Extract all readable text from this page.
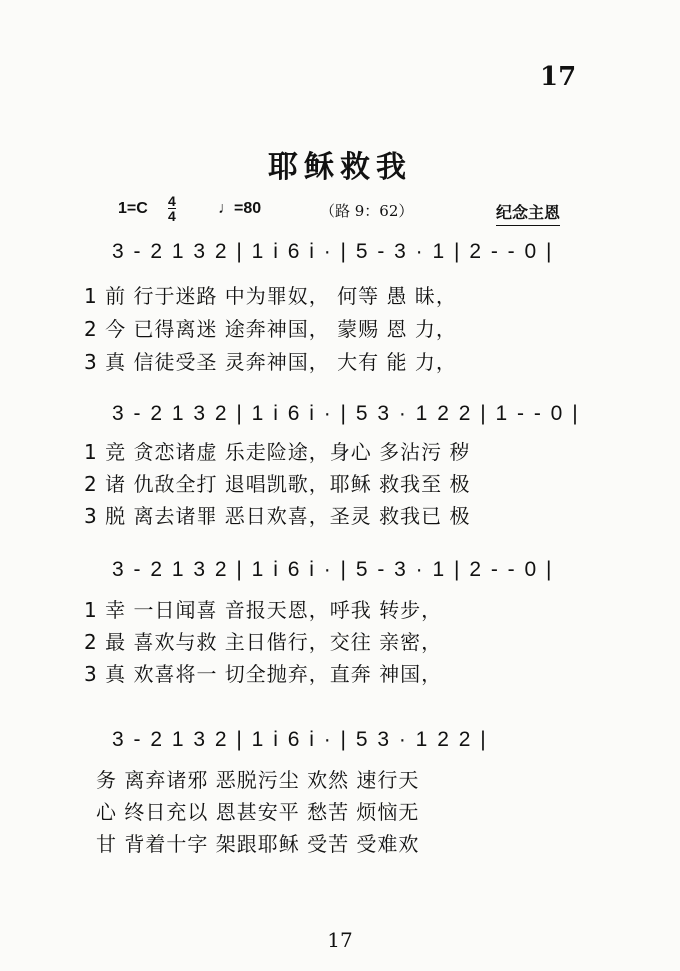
17
耶稣救我
1=C 4
4	♩=80	（路 9：62）	纪念主恩
3 - 2 1 3 2 | 1 i 6 i · | 5 - 3 · 1 | 2 - - 0 |
1 前 行于迷路 中为罪奴， 何等 愚 昧，
2 今 已得离迷 途奔神国， 蒙赐 恩 力，
3 真 信徒受圣 灵奔神国， 大有 能 力，
3 - 2 1 3 2 | 1 i 6 i · | 5 3 · 1 2 2 | 1 - - 0 |
1 竞 贪恋诸虚 乐走险途，身心 多沾污 秽
2 诸 仇敌全打 退唱凯歌，耶稣 救我至 极
3 脱 离去诸罪 恶日欢喜，圣灵 救我已 极
3 - 2 1 3 2 | 1 i 6 i · | 5 - 3 · 1 | 2 - - 0 |
1 幸 一日闻喜 音报天恩，呼我 转步，
2 最 喜欢与救 主日偕行，交往 亲密，
3 真 欢喜将一 切全抛弃，直奔 神国，
3 - 2 1 3 2 | 1 i 6 i · | 5 3 · 1 2 2 |
务 离弃诸邪 恶脱污尘 欢然 速行天
心 终日充以 恩甚安平 愁苦 烦恼无
甘 背着十字 架跟耶稣 受苦 受难欢
17
